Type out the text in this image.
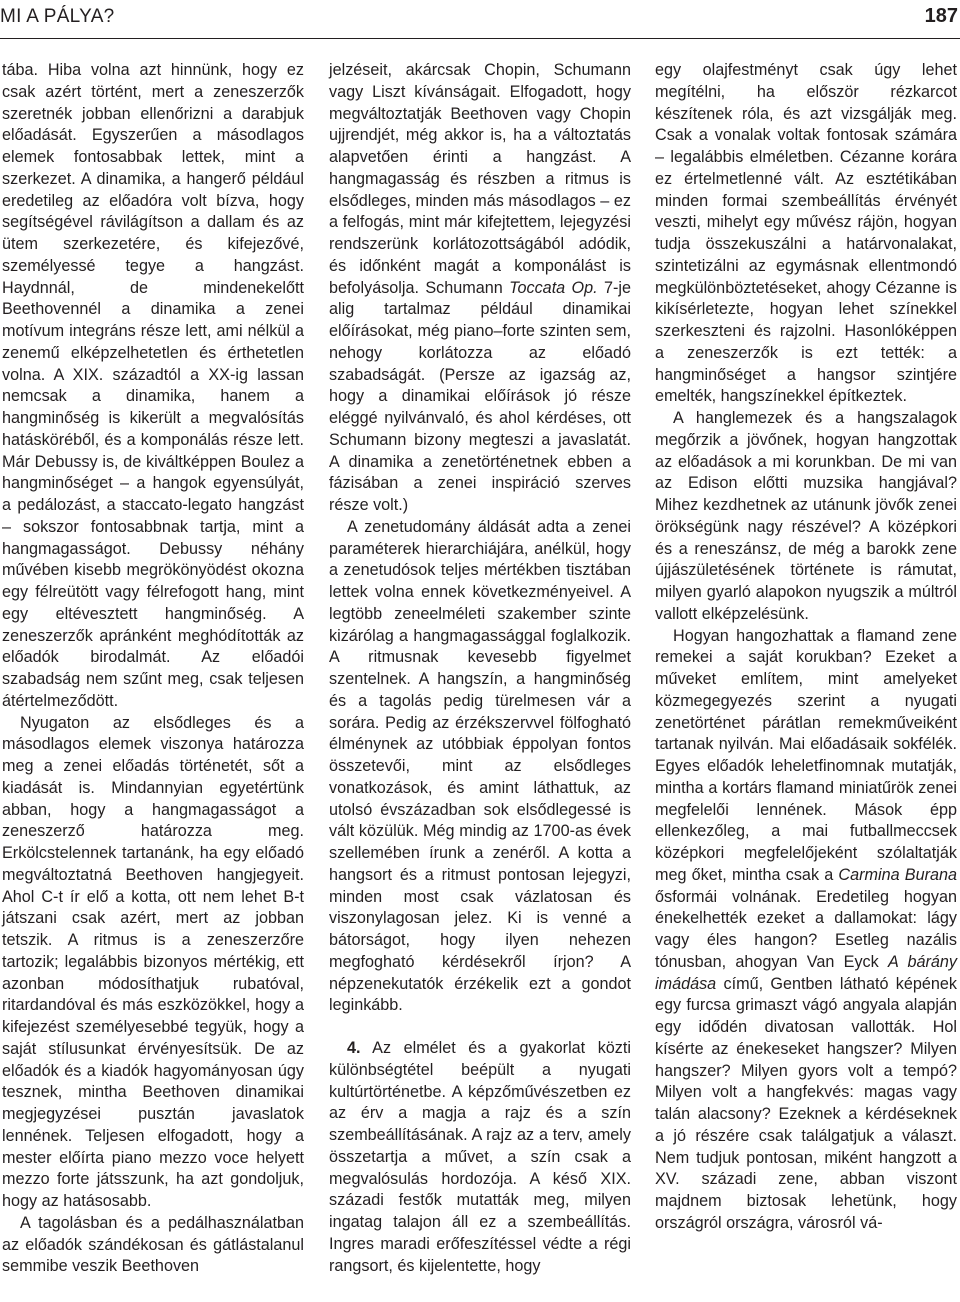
MI A PÁLYA?	187

tába. Hiba volna azt hinnünk, hogy ez csak azért történt, mert a zeneszerzők szeretnék jobban ellenőrizni a darabjuk előadását. Egyszerűen a másodlagos elemek fontosabbak lettek, mint a szerkezet. A dinamika, a hangerő például eredetileg az előadóra volt bízva, hogy segítségével rávilágítson a dallam és az ütem szerkezetére, és kifejezővé, személyessé tegye a hangzást. Haydnnál, de mindenekelőtt Beethovennél a dinamika a zenei motívum integráns része lett, ami nélkül a zenemű elképzelhetetlen és érthetetlen volna. A XIX. századtól a XX-ig lassan nemcsak a dinamika, hanem a hangminőség is kikerült a megvalósítás hatásköréből, és a komponálás része lett. Már Debussy is, de kiváltképpen Boulez a hangminőséget – a hangok egyensúlyát, a pedálozást, a staccato-legato hangzást – sokszor fontosabbnak tartja, mint a hangmagasságot. Debussy néhány művében kisebb megrökönyödést okozna egy félreütött vagy félrefogott hang, mint egy eltévesztett hangminőség. A zeneszerzők apránként meghódították az előadók birodalmát. Az előadói szabadság nem szűnt meg, csak teljesen átértelmeződött.

Nyugaton az elsődleges és a másodlagos elemek viszonya határozza meg a zenei előadás történetét, sőt a kiadását is. Mindannyian egyetértünk abban, hogy a hangmagasságot a zeneszerző határozza meg. Erkölcstelennek tartanánk, ha egy előadó megváltoztatná Beethoven hangjegyeit. Ahol C-t ír elő a kotta, ott nem lehet B-t játszani csak azért, mert az jobban tetszik. A ritmus is a zeneszerzőre tartozik; legalábbis bizonyos mértékig, ett azonban módosíthatjuk rubatóval, ritardandóval és más eszközökkel, hogy a kifejezést személyesebbé tegyük, hogy a saját stílusunkat érvényesítsük. De az előadók és a kiadók hagyományosan úgy tesznek, mintha Beethoven dinamikai megjegyzései pusztán javaslatok lennének. Teljesen elfogadott, hogy a mester előírta piano mezzo voce helyett mezzo forte játsszunk, ha azt gondoljuk, hogy az hatásosabb.

A tagolásban és a pedálhasználatban az előadók szándékosan és gátlástalanul semmibe veszik Beethoven

jelzéseit, akárcsak Chopin, Schumann vagy Liszt kívánságait. Elfogadott, hogy megváltoztatják Beethoven vagy Chopin ujjrendjét, még akkor is, ha a változtatás alapvetően érinti a hangzást. A hangmagasság és részben a ritmus is elsődleges, minden más másodlagos – ez a felfogás, mint már kifejtettem, lejegyzési rendszerünk korlátozottságából adódik, és időnként magát a komponálást is befolyásolja. Schumann Toccata Op. 7-je alig tartalmaz például dinamikai előírásokat, még piano–forte szinten sem, nehogy korlátozza az előadó szabadságát. (Persze az igazság az, hogy a dinamikai előírások jó része eléggé nyilvánvaló, és ahol kérdéses, ott Schumann bizony megteszi a javaslatát. A dinamika a zenetörténetnek ebben a fázisában a zenei inspiráció szerves része volt.)

A zenetudomány áldását adta a zenei paraméterek hierarchiájára, anélkül, hogy a zenetudósok teljes mértékben tisztában lettek volna ennek következményeivel. A legtöbb zeneelméleti szakember szinte kizárólag a hangmagassággal foglalkozik. A ritmusnak kevesebb figyelmet szentelnek. A hangszín, a hangminőség és a tagolás pedig türelmesen vár a sorára. Pedig az érzékszervvel fölfogható élménynek az utóbbiak éppolyan fontos összetevői, mint az elsődleges vonatkozások, és amint láthattuk, az utolsó évszázadban sok elsődlegessé is vált közülük. Még mindig az 1700-as évek szellemében írunk a zenéről. A kotta a hangsort és a ritmust pontosan lejegyzi, minden most csak vázlatosan és viszonylagosan jelez. Ki is venné a bátorságot, hogy ilyen nehezen megfogható kérdésekről írjon? A népzenekutatók érzékelik ezt a gondot leginkább.

4. Az elmélet és a gyakorlat közti különbségtétel beépült a nyugati kultúrtörténetbe. A képzőművészetben ez az érv a magja a rajz és a szín szembeállításának. A rajz az a terv, amely összetartja a művet, a szín csak a megvalósulás hordozója. A késő XIX. századi festők mutatták meg, milyen ingatag talajon áll ez a szembeállítás. Ingres maradi erőfeszítéssel védte a régi rangsort, és kijelentette, hogy

egy olajfestményt csak úgy lehet megítélni, ha először rézkarcot készítenek róla, és azt vizsgálják meg. Csak a vonalak voltak fontosak számára – legalábbis elméletben. Cézanne korára ez értelmetlenné vált. Az esztétikában minden formai szembeállítás érvényét veszti, mihelyt egy művész rájön, hogyan tudja összekuszálni a határvonalakat, szintetizálni az egymásnak ellentmondó megkülönböztetéseket, ahogy Cézanne is kikísérletezte, hogyan lehet színekkel szerkeszteni és rajzolni. Hasonlóképpen a zeneszerzők is ezt tették: a hangminőséget a hangsor szintjére emelték, hangszínekkel építkeztek.

A hanglemezek és a hangszalagok megőrzik a jövőnek, hogyan hangzottak az előadások a mi korunkban. De mi van az Edison előtti muzsika hangjával? Mihez kezdhetnek az utánunk jövők zenei örökségünk nagy részével? A középkori és a reneszánsz, de még a barokk zene újjászületésének története is rámutat, milyen gyarló alapokon nyugszik a múltról vallott elképzelésünk.

Hogyan hangozhattak a flamand zene remekei a saját korukban? Ezeket a műveket említem, mint amelyeket közmegegyezés szerint a nyugati zenetörténet párátlan remekműveiként tartanak nyilván. Mai előadásaik sokfélék. Egyes előadók leheletfinomnak mutatják, mintha a kortárs flamand miniatűrök zenei megfelelői lennének. Mások épp ellenkezőleg, a mai futballmeccsek középkori megfelelőjeként szólaltatják meg őket, mintha csak a Carmina Burana ősformái volnának. Eredetileg hogyan énekelhették ezeket a dallamokat: lágy vagy éles hangon? Esetleg nazális tónusban, ahogyan Van Eyck A bárány imádása című, Gentben látható képének egy furcsa grimaszt vágó angyala alapján egy idődén divatosan vallották. Hol kísérte az énekeseket hangszer? Milyen hangszer? Milyen gyors volt a tempó? Milyen volt a hangfekvés: magas vagy talán alacsony? Ezeknek a kérdéseknek a jó részére csak találgatjuk a választ. Nem tudjuk pontosan, miként hangzott a XV. századi zene, abban viszont majdnem biztosak lehetünk, hogy országról országra, városról vá-
